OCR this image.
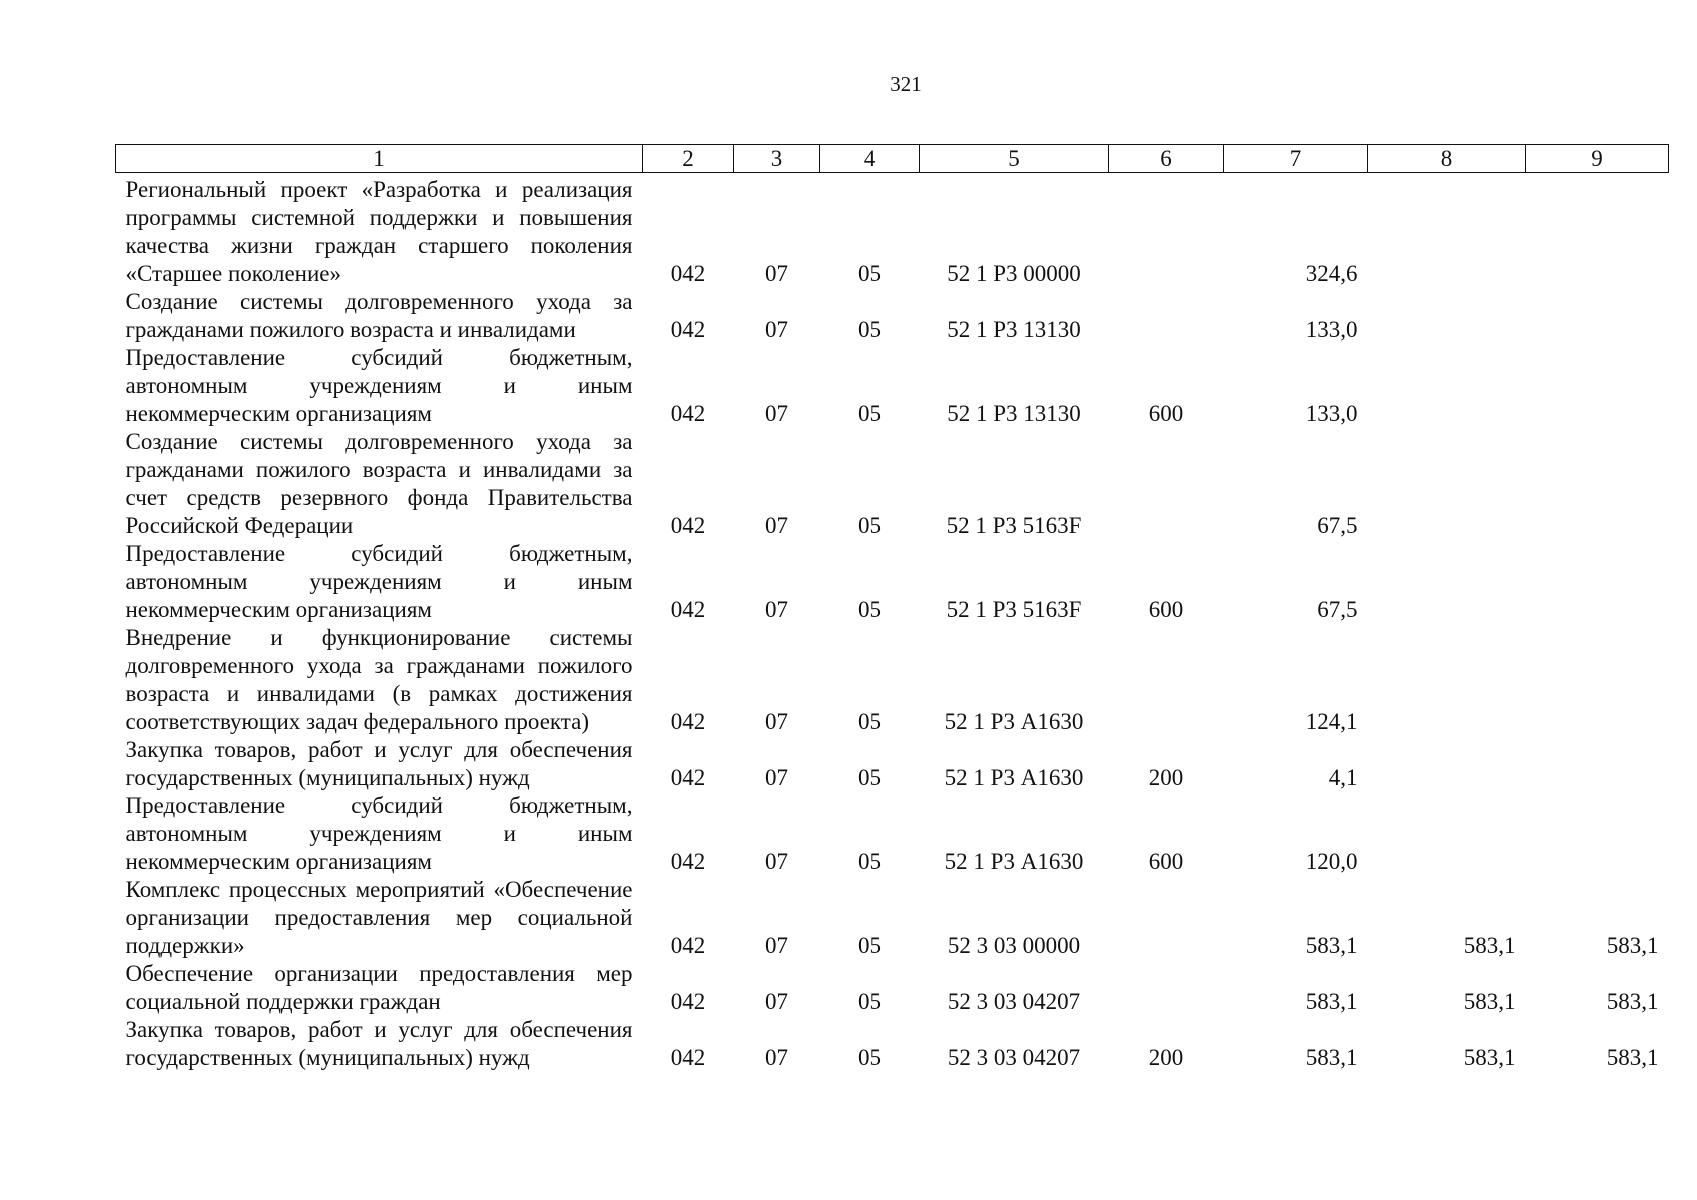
321
1	2	3	4	5	6	7	8	9
Региональный проект «Разработка и реализация программы системной поддержки и повышения качества жизни граждан старшего поколения «Старшее поколение»	042	07	05	52 1 Р3 00000		324,6		
Создание системы долговременного ухода за гражданами пожилого возраста и инвалидами	042	07	05	52 1 Р3 13130		133,0		
Предоставление субсидий бюджетным, автономным учреждениям и иным некоммерческим организациям	042	07	05	52 1 Р3 13130	600	133,0		
Создание системы долговременного ухода за гражданами пожилого возраста и инвалидами за счет средств резервного фонда Правительства Российской Федерации	042	07	05	52 1 Р3 5163F		67,5		
Предоставление субсидий бюджетным, автономным учреждениям и иным некоммерческим организациям	042	07	05	52 1 Р3 5163F	600	67,5		
Внедрение и функционирование системы долговременного ухода за гражданами пожилого возраста и инвалидами (в рамках достижения соответствующих задач федерального проекта)	042	07	05	52 1 Р3 А1630		124,1		
Закупка товаров, работ и услуг для обеспечения государственных (муниципальных) нужд	042	07	05	52 1 Р3 А1630	200	4,1		
Предоставление субсидий бюджетным, автономным учреждениям и иным некоммерческим организациям	042	07	05	52 1 Р3 А1630	600	120,0		
Комплекс процессных мероприятий «Обеспечение организации предоставления мер социальной поддержки»	042	07	05	52 3 03 00000		583,1	583,1	583,1
Обеспечение организации предоставления мер социальной поддержки граждан	042	07	05	52 3 03 04207		583,1	583,1	583,1
Закупка товаров, работ и услуг для обеспечения государственных (муниципальных) нужд	042	07	05	52 3 03 04207	200	583,1	583,1	583,1
